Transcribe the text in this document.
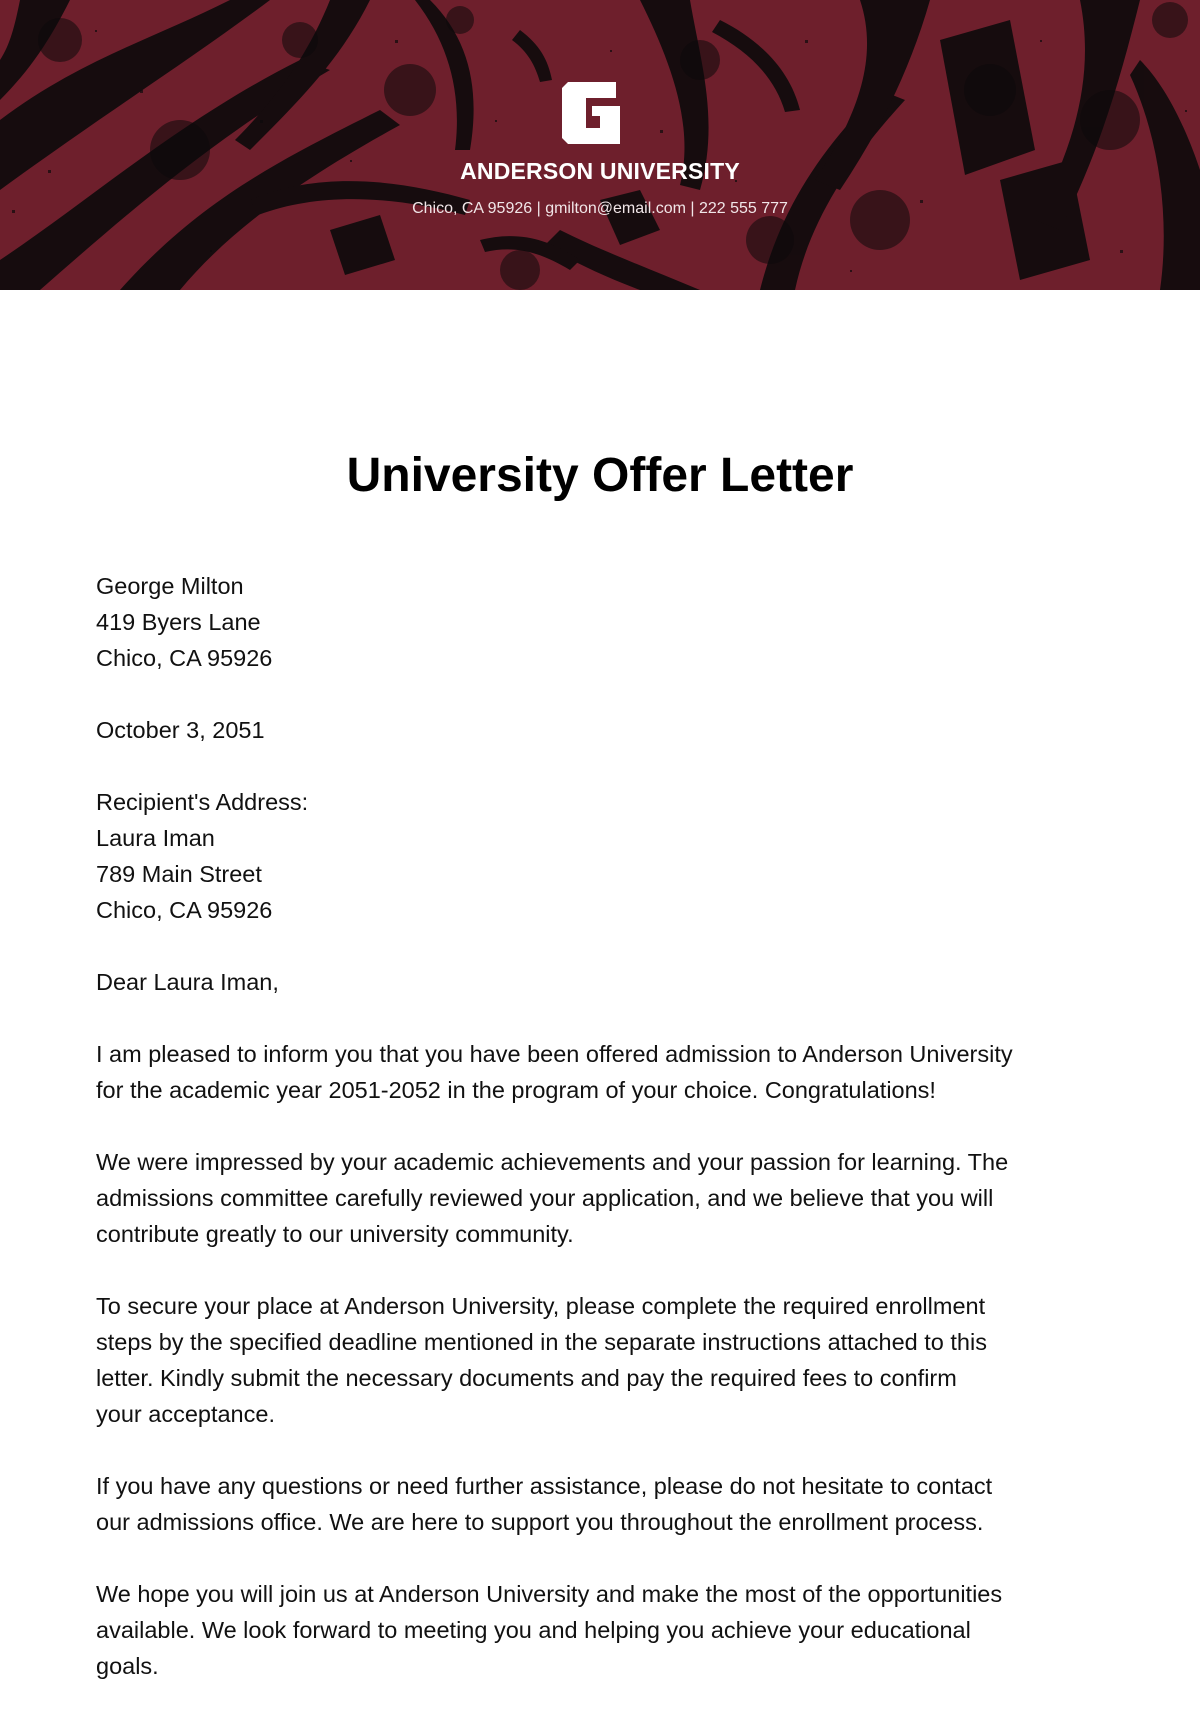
ANDERSON UNIVERSITY
Chico, CA 95926 | gmilton@email.com | 222 555 777
University Offer Letter
George Milton
419 Byers Lane
Chico, CA 95926
October 3, 2051
Recipient's Address:
Laura Iman
789 Main Street
Chico, CA 95926
Dear Laura Iman,
I am pleased to inform you that you have been offered admission to Anderson University
for the academic year 2051-2052 in the program of your choice. Congratulations!
We were impressed by your academic achievements and your passion for learning. The
admissions committee carefully reviewed your application, and we believe that you will
contribute greatly to our university community.
To secure your place at Anderson University, please complete the required enrollment
steps by the specified deadline mentioned in the separate instructions attached to this
letter. Kindly submit the necessary documents and pay the required fees to confirm
your acceptance.
If you have any questions or need further assistance, please do not hesitate to contact
our admissions office. We are here to support you throughout the enrollment process.
We hope you will join us at Anderson University and make the most of the opportunities
available. We look forward to meeting you and helping you achieve your educational
goals.
